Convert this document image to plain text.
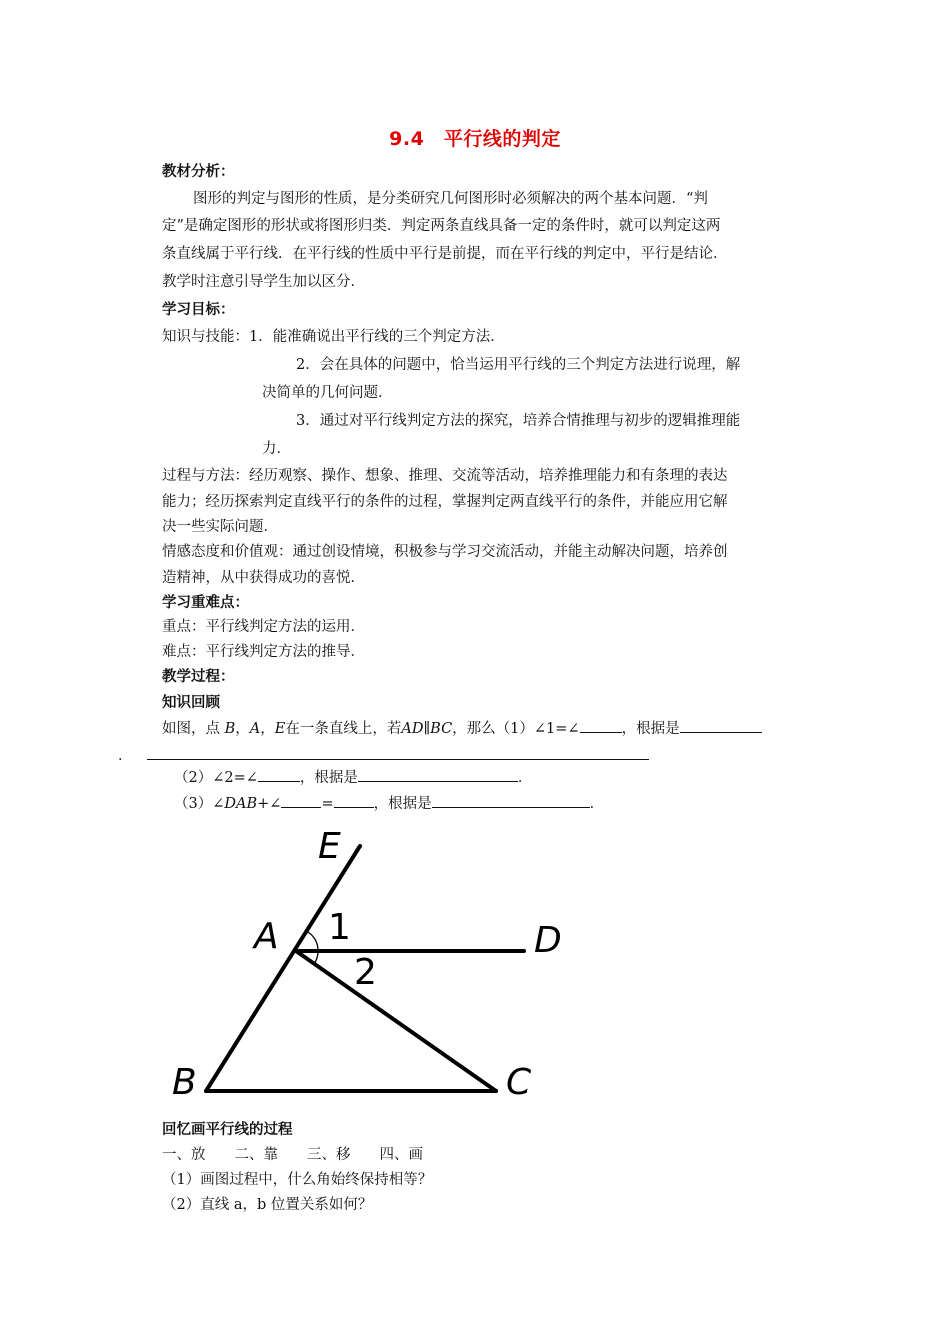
9.4　平行线的判定
教材分析：
图形的判定与图形的性质，是分类研究几何图形时必须解决的两个基本问题．“判
定”是确定图形的形状或将图形归类．判定两条直线具备一定的条件时，就可以判定这两
条直线属于平行线．在平行线的性质中平行是前提，而在平行线的判定中，平行是结论．
教学时注意引导学生加以区分．
学习目标：
知识与技能：1．能准确说出平行线的三个判定方法．
2．会在具体的问题中，恰当运用平行线的三个判定方法进行说理，解
决简单的几何问题．
3．通过对平行线判定方法的探究，培养合情推理与初步的逻辑推理能
力．
过程与方法：经历观察、操作、想象、推理、交流等活动，培养推理能力和有条理的表达
能力；经历探索判定直线平行的条件的过程，掌握判定两直线平行的条件，并能应用它解
决一些实际问题．
情感态度和价值观：通过创设情境，积极参与学习交流活动，并能主动解决问题，培养创
造精神，从中获得成功的喜悦．
学习重难点：
重点：平行线判定方法的运用．
难点：平行线判定方法的推导．
教学过程：
知识回顾
如图，点 B，A，E在一条直线上，若AD∥BC，那么（1）∠1=∠	，根据是
．
（2）∠2=∠	，根据是	．
（3）∠DAB+∠	=	，根据是	．
E
A	D
B	C
1
2
回忆画平行线的过程
一、放　　二、靠　　三、移　　四、画
（1）画图过程中，什么角始终保持相等？
（2）直线 a，b 位置关系如何？
